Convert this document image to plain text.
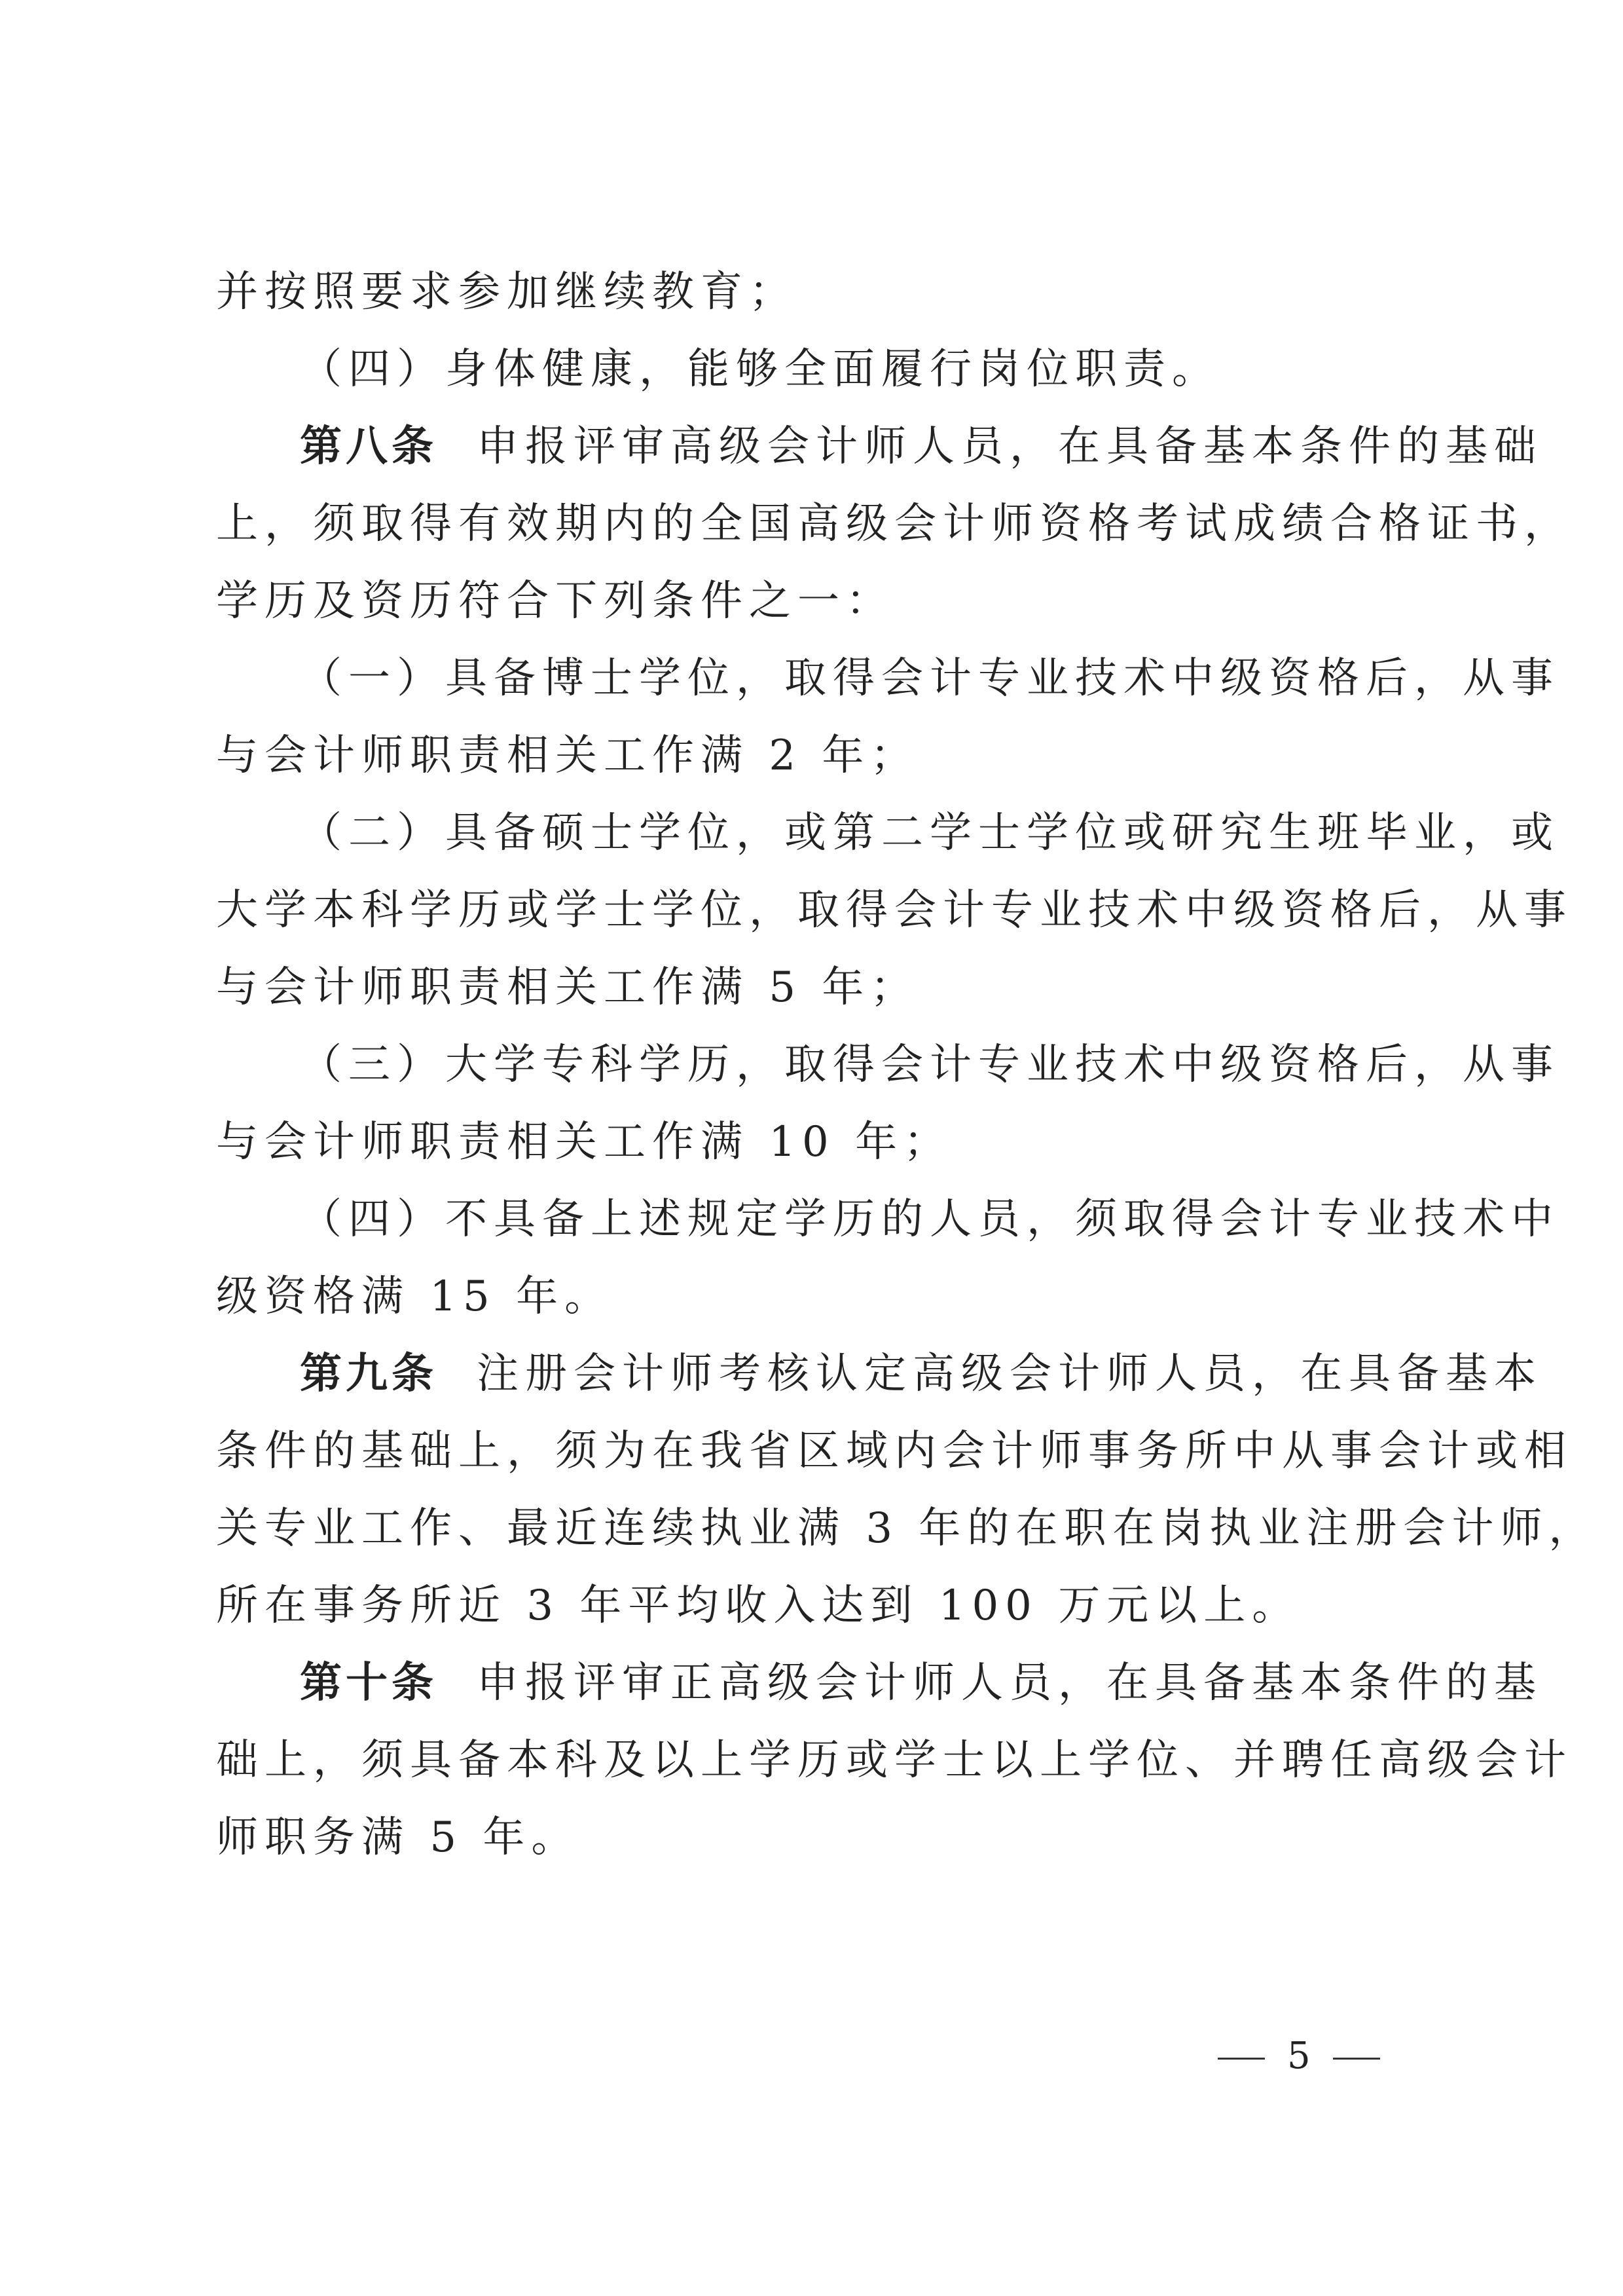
并按照要求参加继续教育；
（四）身体健康，能够全面履行岗位职责。
第八条 申报评审高级会计师人员，在具备基本条件的基础
上，须取得有效期内的全国高级会计师资格考试成绩合格证书，
学历及资历符合下列条件之一：
（一）具备博士学位，取得会计专业技术中级资格后，从事
与会计师职责相关工作满 2 年；
（二）具备硕士学位，或第二学士学位或研究生班毕业，或
大学本科学历或学士学位，取得会计专业技术中级资格后，从事
与会计师职责相关工作满 5 年；
（三）大学专科学历，取得会计专业技术中级资格后，从事
与会计师职责相关工作满 10 年；
（四）不具备上述规定学历的人员，须取得会计专业技术中
级资格满 15 年。
第九条 注册会计师考核认定高级会计师人员，在具备基本
条件的基础上，须为在我省区域内会计师事务所中从事会计或相
关专业工作、最近连续执业满 3 年的在职在岗执业注册会计师，
所在事务所近 3 年平均收入达到 100 万元以上。
第十条 申报评审正高级会计师人员，在具备基本条件的基
础上，须具备本科及以上学历或学士以上学位、并聘任高级会计
师职务满 5 年。
5
